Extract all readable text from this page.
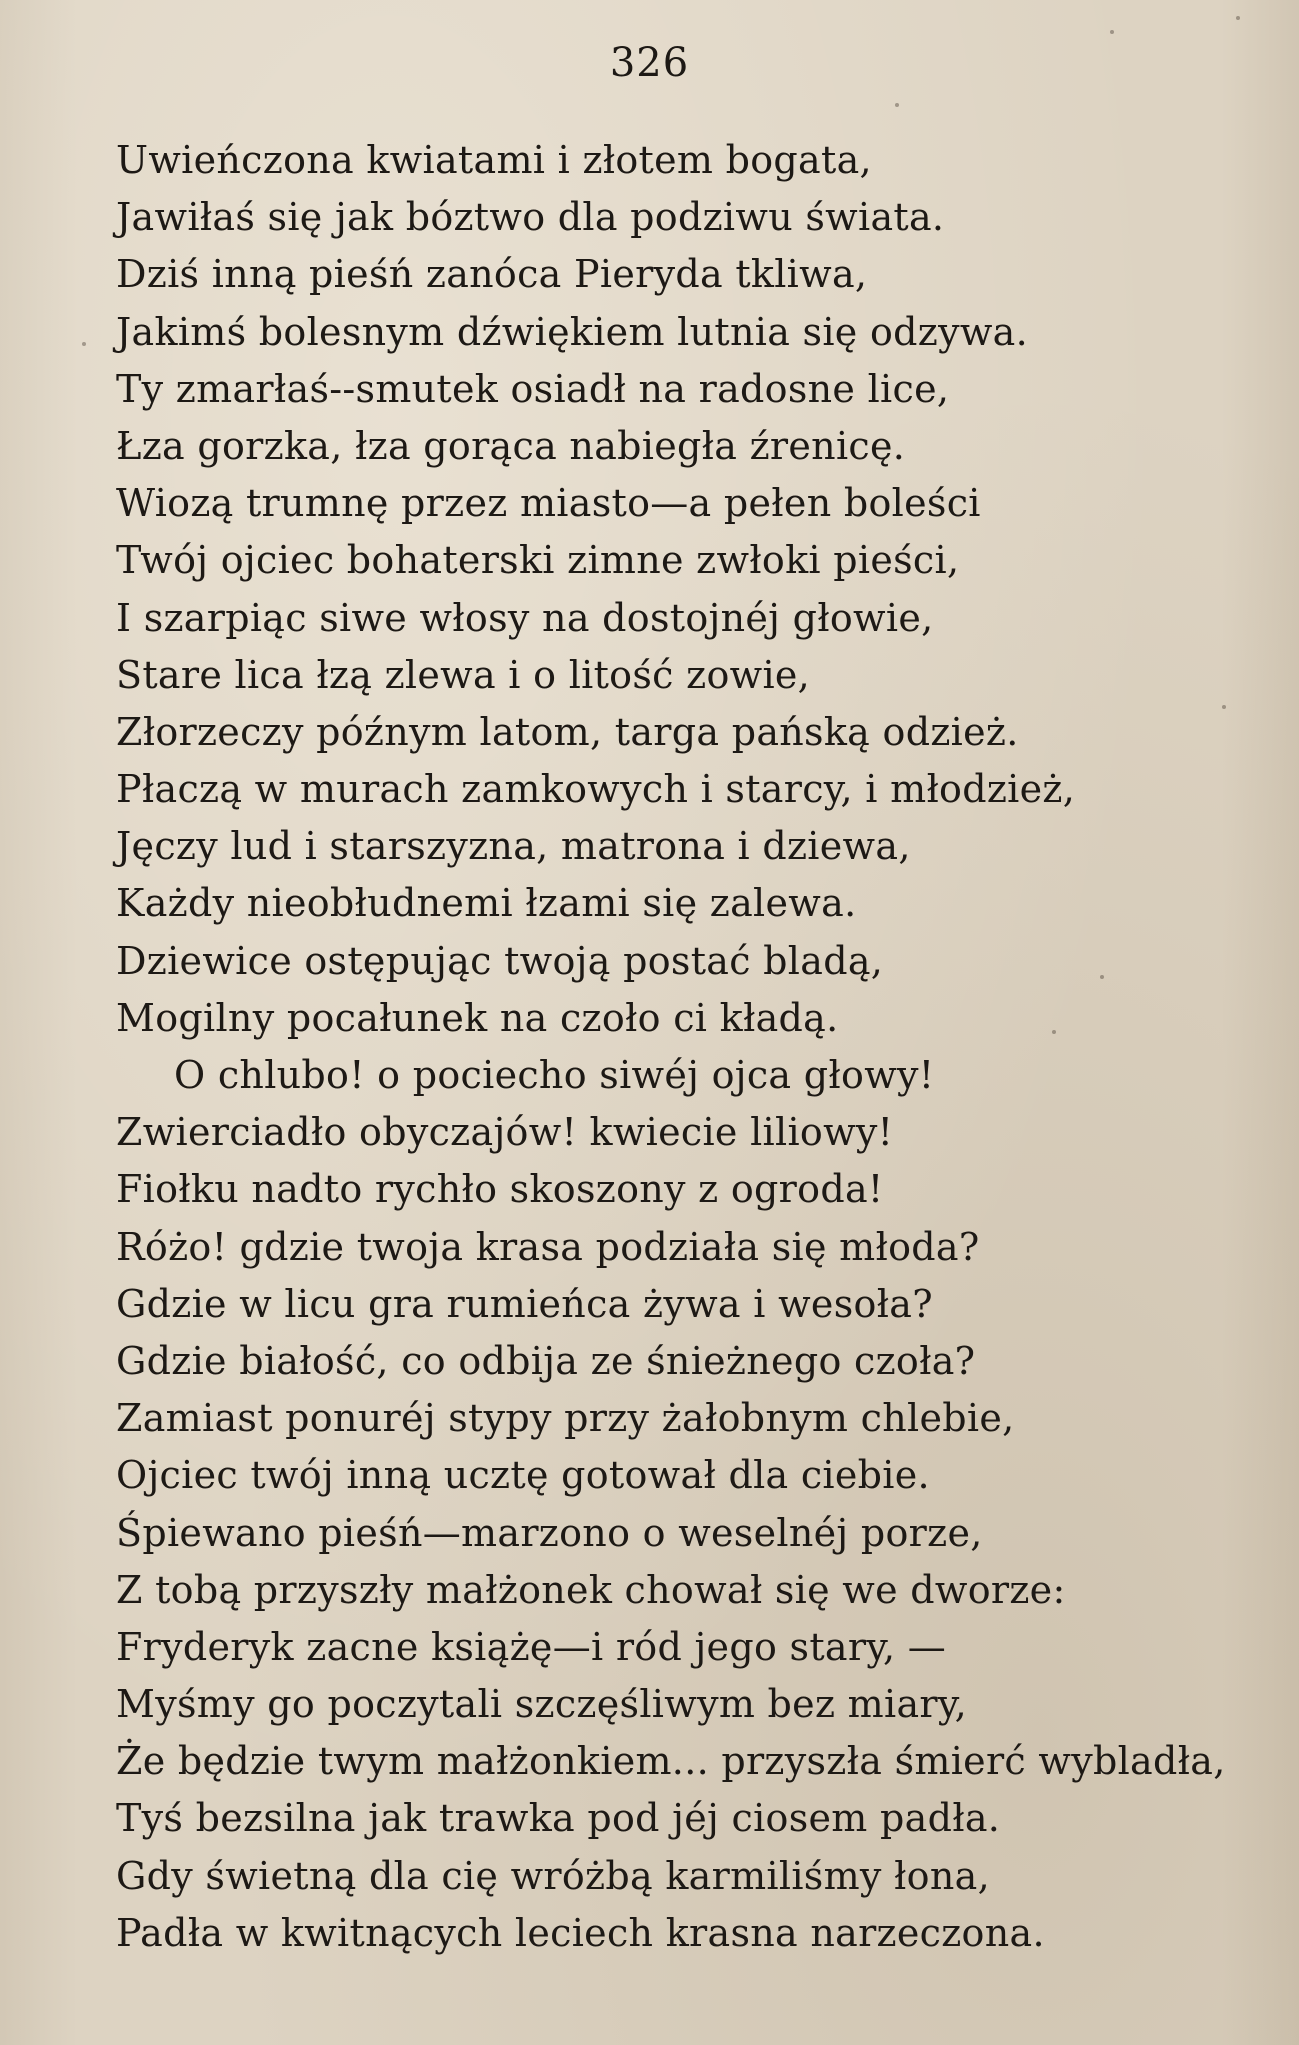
326
Uwieńczona kwiatami i złotem bogata,
Jawiłaś się jak bóztwo dla podziwu świata.
Dziś inną pieśń zanóca Pieryda tkliwa,
Jakimś bolesnym dźwiękiem lutnia się odzywa.
Ty zmarłaś--smutek osiadł na radosne lice,
Łza gorzka, łza gorąca nabiegła źrenicę.
Wiozą trumnę przez miasto—a pełen boleści
Twój ojciec bohaterski zimne zwłoki pieści,
I szarpiąc siwe włosy na dostojnéj głowie,
Stare lica łzą zlewa i o litość zowie,
Złorzeczy późnym latom, targa pańską odzież.
Płaczą w murach zamkowych i starcy, i młodzież,
Jęczy lud i starszyzna, matrona i dziewa,
Każdy nieobłudnemi łzami się zalewa.
Dziewice ostępując twoją postać bladą,
Mogilny pocałunek na czoło ci kładą.
O chlubo! o pociecho siwéj ojca głowy!
Zwierciadło obyczajów! kwiecie liliowy!
Fiołku nadto rychło skoszony z ogroda!
Różo! gdzie twoja krasa podziała się młoda?
Gdzie w licu gra rumieńca żywa i wesoła?
Gdzie białość, co odbija ze śnieżnego czoła?
Zamiast ponuréj stypy przy żałobnym chlebie,
Ojciec twój inną ucztę gotował dla ciebie.
Śpiewano pieśń—marzono o weselnéj porze,
Z tobą przyszły małżonek chował się we dworze:
Fryderyk zacne książę—i ród jego stary, —
Myśmy go poczytali szczęśliwym bez miary,
Że będzie twym małżonkiem... przyszła śmierć wybladła,
Tyś bezsilna jak trawka pod jéj ciosem padła.
Gdy świetną dla cię wróżbą karmiliśmy łona,
Padła w kwitnących leciech krasna narzeczona.
